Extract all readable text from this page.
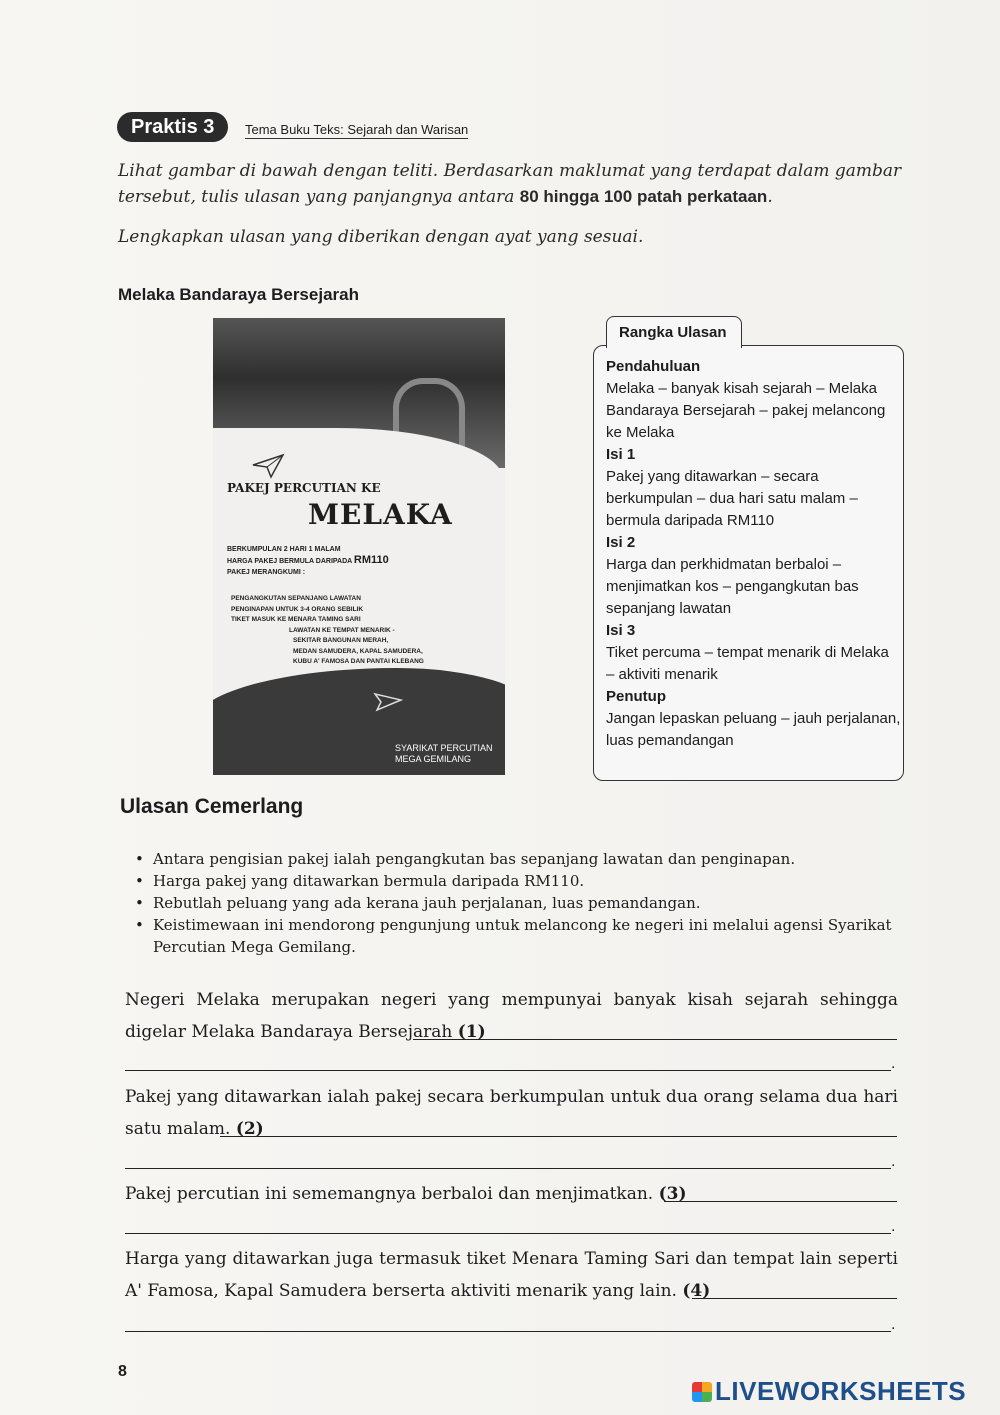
Praktis 3	Tema Buku Teks: Sejarah dan Warisan
Lihat gambar di bawah dengan teliti. Berdasarkan maklumat yang terdapat dalam gambar tersebut, tulis ulasan yang panjangnya antara 80 hingga 100 patah perkataan.
Lengkapkan ulasan yang diberikan dengan ayat yang sesuai.
Melaka Bandaraya Bersejarah
PAKEJ PERCUTIAN KE
MELAKA
BERKUMPULAN 2 HARI 1 MALAM
HARGA PAKEJ BERMULA DARIPADA RM110
PAKEJ MERANGKUMI :
PENGANGKUTAN SEPANJANG LAWATAN
PENGINAPAN UNTUK 3-4 ORANG SEBILIK
TIKET MASUK KE MENARA TAMING SARI
LAWATAN KE TEMPAT MENARIK -
SEKITAR BANGUNAN MERAH,
MEDAN SAMUDERA, KAPAL SAMUDERA,
KUBU A' FAMOSA DAN PANTAI KLEBANG
SYARIKAT PERCUTIAN
MEGA GEMILANG
Rangka Ulasan
Pendahuluan
Melaka – banyak kisah sejarah – Melaka Bandaraya Bersejarah – pakej melancong ke Melaka
Isi 1
Pakej yang ditawarkan – secara berkumpulan – dua hari satu malam – bermula daripada RM110
Isi 2
Harga dan perkhidmatan berbaloi – menjimatkan kos – pengangkutan bas sepanjang lawatan
Isi 3
Tiket percuma – tempat menarik di Melaka – aktiviti menarik
Penutup
Jangan lepaskan peluang – jauh perjalanan, luas pemandangan
Ulasan Cemerlang
• Antara pengisian pakej ialah pengangkutan bas sepanjang lawatan dan penginapan.
• Harga pakej yang ditawarkan bermula daripada RM110.
• Rebutlah peluang yang ada kerana jauh perjalanan, luas pemandangan.
• Keistimewaan ini mendorong pengunjung untuk melancong ke negeri ini melalui agensi Syarikat Percutian Mega Gemilang.
Negeri Melaka merupakan negeri yang mempunyai banyak kisah sejarah sehingga digelar Melaka Bandaraya Bersejarah (1)
.
Pakej yang ditawarkan ialah pakej secara berkumpulan untuk dua orang selama dua hari satu malam. (2)
.
Pakej percutian ini sememangnya berbaloi dan menjimatkan. (3)
.
Harga yang ditawarkan juga termasuk tiket Menara Taming Sari dan tempat lain seperti A' Famosa, Kapal Samudera berserta aktiviti menarik yang lain. (4)
.
8
LIVEWORKSHEETS
